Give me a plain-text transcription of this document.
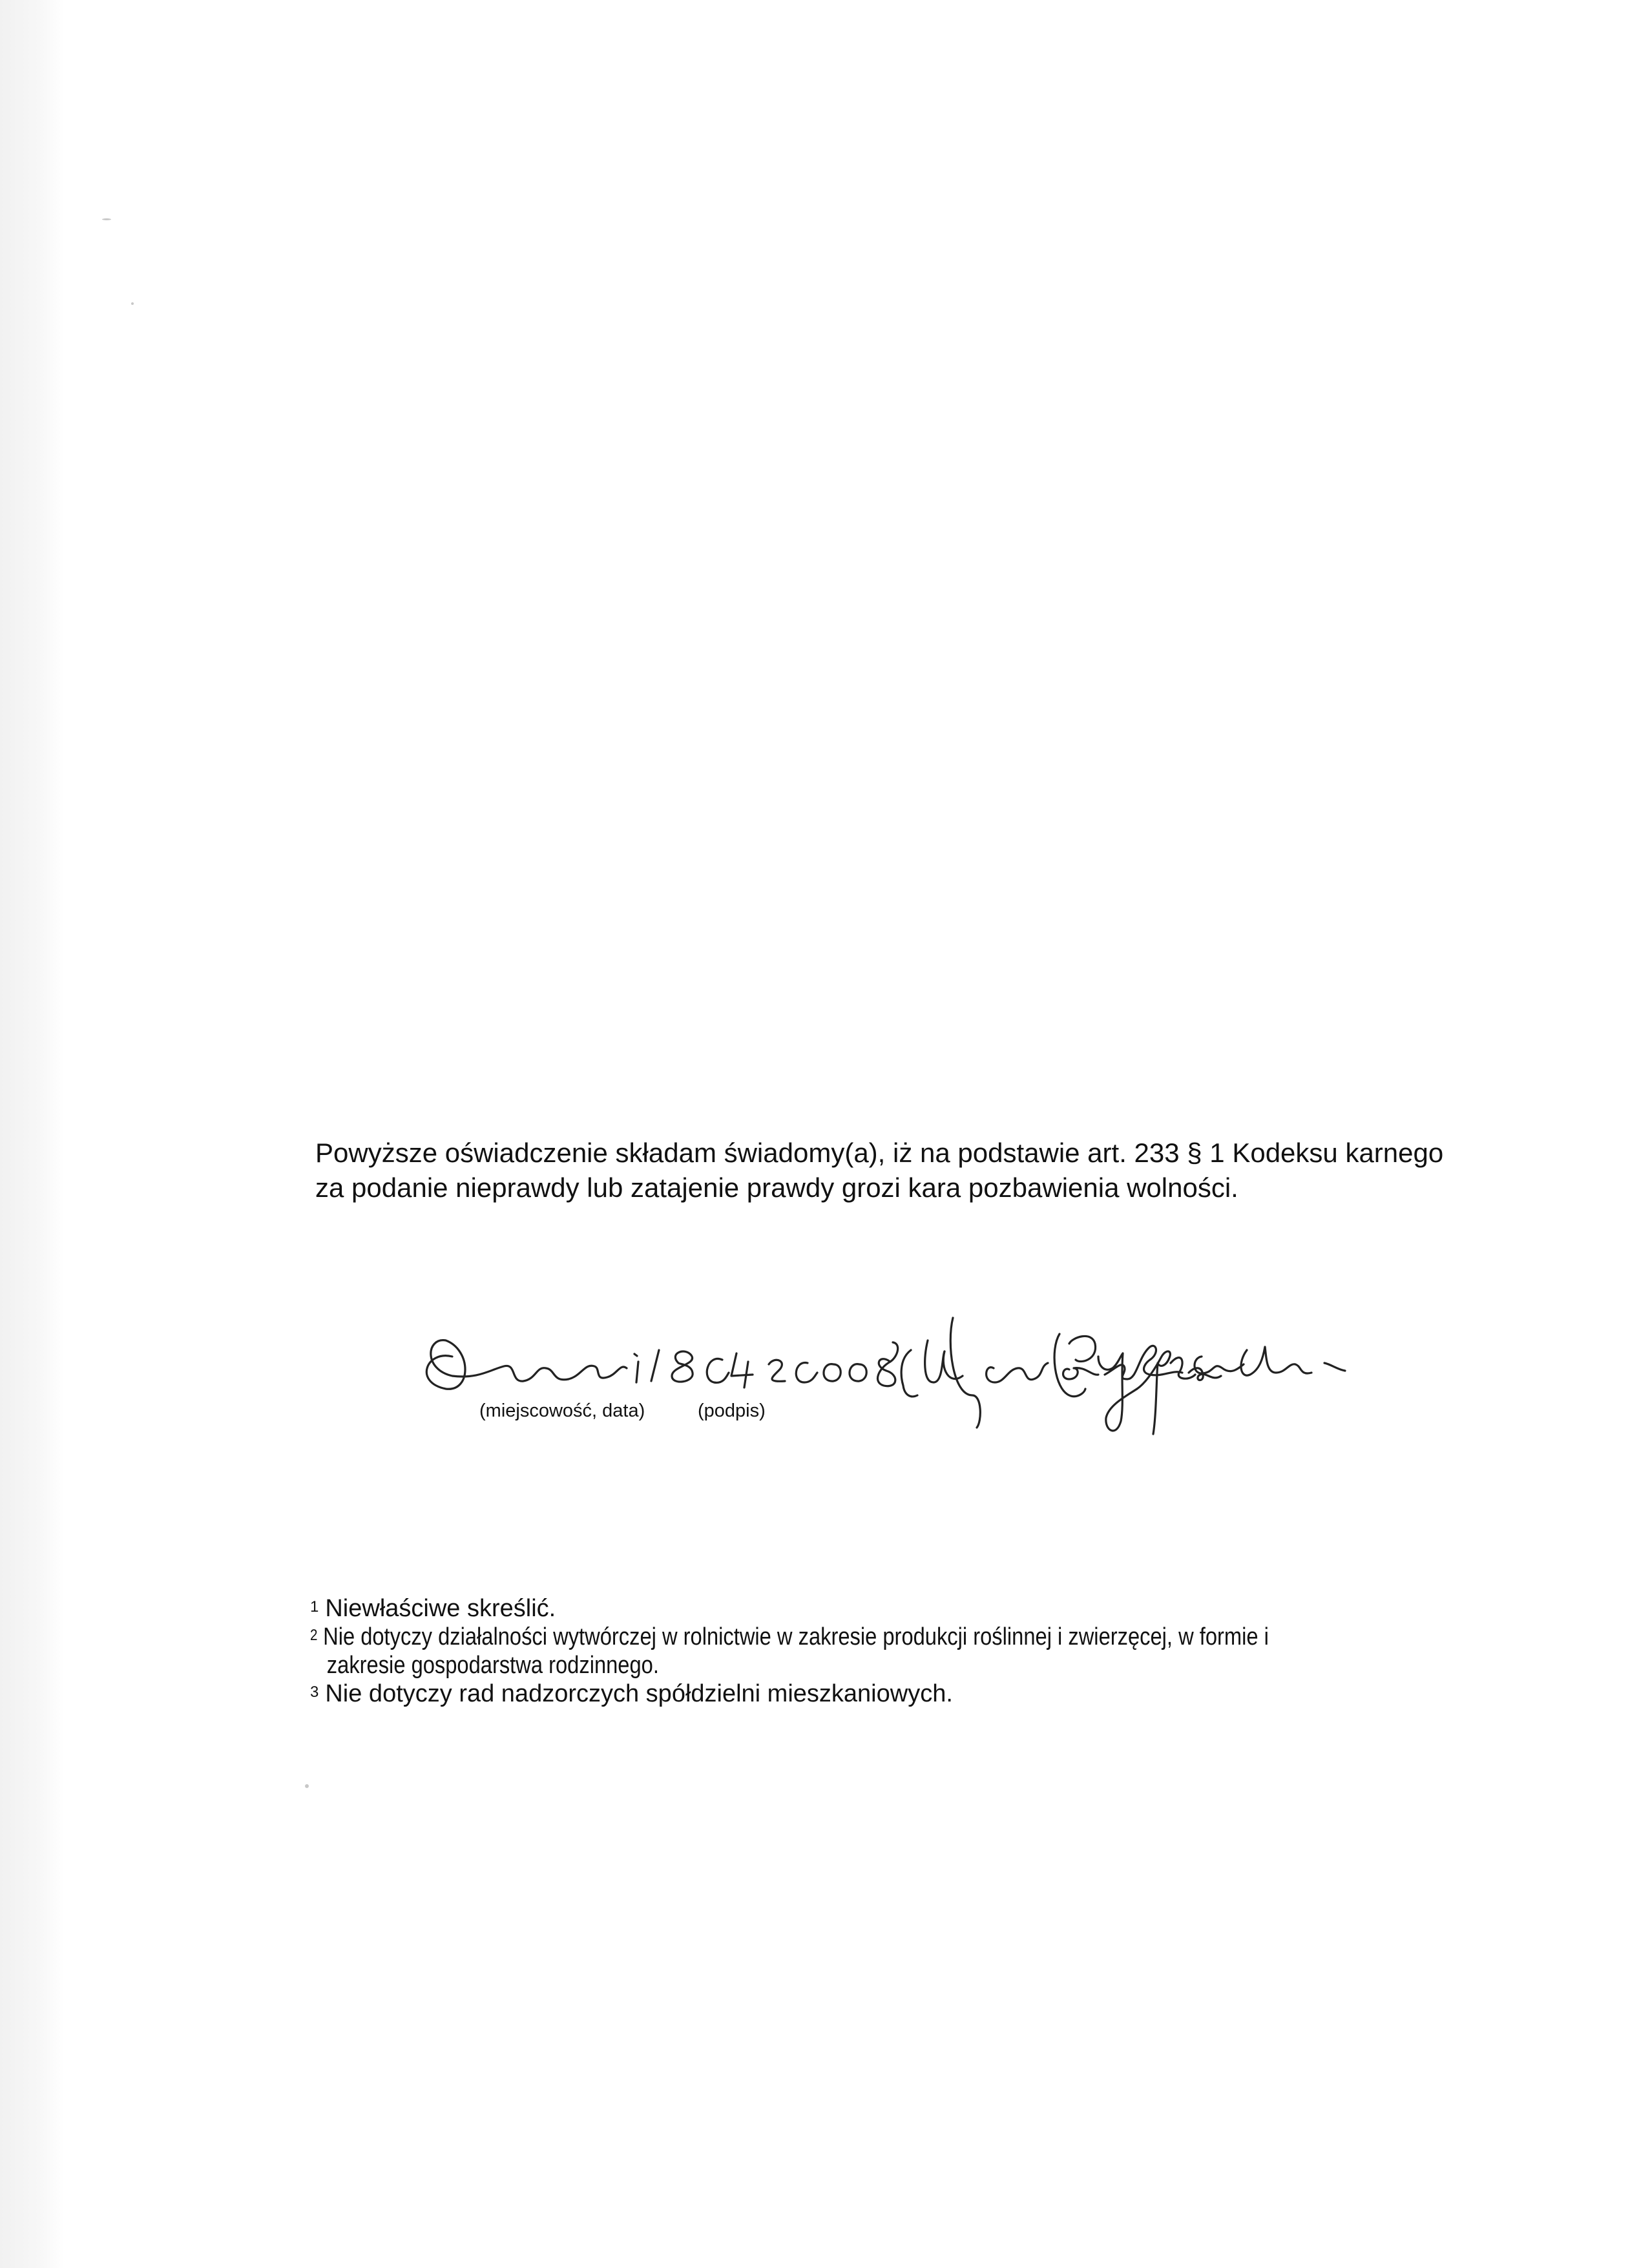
Powyższe oświadczenie składam świadomy(a), iż na podstawie art. 233 § 1 Kodeksu karnego

za podanie nieprawdy lub zatajenie prawdy grozi kara pozbawienia wolności.

(miejscowość, data)	(podpis)
$^1$ Niewłaściwe skreślić.
$^2$ Nie dotyczy działalności wytwórczej w rolnictwie w zakresie produkcji roślinnej i zwierzęcej, w formie i
zakresie gospodarstwa rodzinnego.
$^3$ Nie dotyczy rad nadzorczych spółdzielni mieszkaniowych.
